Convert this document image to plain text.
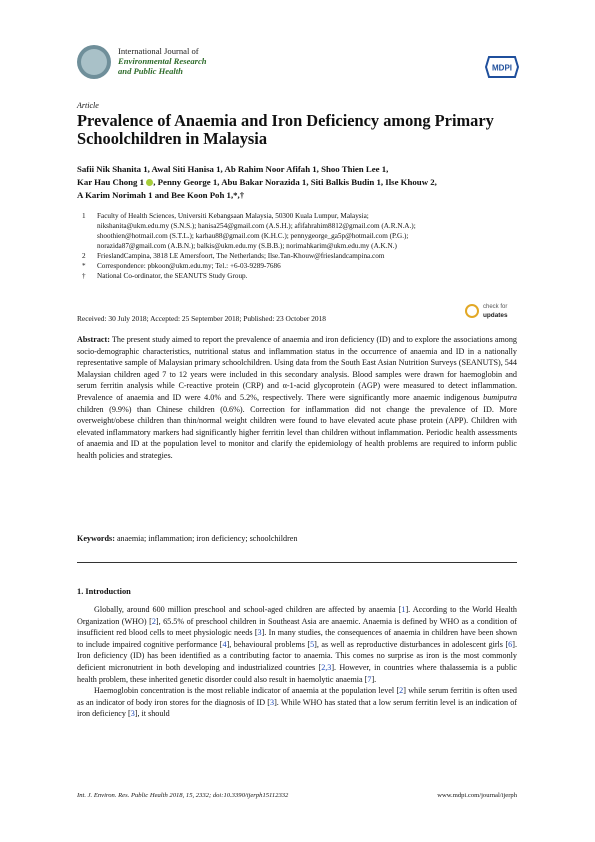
International Journal of
Environmental Research
and Public Health	MDPI
Article
Prevalence of Anaemia and Iron Deficiency among Primary Schoolchildren in Malaysia
Safii Nik Shanita 1, Awal Siti Hanisa 1, Ab Rahim Noor Afifah 1, Shoo Thien Lee 1,
Kar Hau Chong 1 , Penny George 1, Abu Bakar Norazida 1, Siti Balkis Budin 1, Ilse Khouw 2,
A Karim Norimah 1 and Bee Koon Poh 1,*,†
1	Faculty of Health Sciences, Universiti Kebangsaan Malaysia, 50300 Kuala Lumpur, Malaysia;
nikshanita@ukm.edu.my (S.N.S.); hanisa254@gmail.com (A.S.H.); afifahrahim8812@gmail.com (A.R.N.A.);
shoothien@hotmail.com (S.T.L.); karhau88@gmail.com (K.H.C.); pennygeorge_ga5p@hotmail.com (P.G.);
norazida87@gmail.com (A.B.N.); balkis@ukm.edu.my (S.B.B.); norimahkarim@ukm.edu.my (A.K.N.)
2	FrieslandCampina, 3818 LE Amersfoort, The Netherlands; Ilse.Tan-Khouw@frieslandcampina.com
*	Correspondence: pbkoon@ukm.edu.my; Tel.: +6-03-9289-7686
†	National Co-ordinator, the SEANUTS Study Group.
check for
updates
Received: 30 July 2018; Accepted: 25 September 2018; Published: 23 October 2018
Abstract: The present study aimed to report the prevalence of anaemia and iron deficiency (ID) and to explore the associations among socio-demographic characteristics, nutritional status and inflammation status in the occurrence of anaemia and ID in a nationally representative sample of Malaysian primary schoolchildren. Using data from the South East Asian Nutrition Surveys (SEANUTS), 544 Malaysian children aged 7 to 12 years were included in this secondary analysis. Blood samples were drawn for haemoglobin and serum ferritin analysis while C-reactive protein (CRP) and α-1-acid glycoprotein (AGP) were measured to detect inflammation. Prevalence of anaemia and ID were 4.0% and 5.2%, respectively. There were significantly more anaemic indigenous bumiputra children (9.9%) than Chinese children (0.6%). Correction for inflammation did not change the prevalence of ID. More overweight/obese children than thin/normal weight children were found to have elevated acute phase protein (APP). Children with elevated inflammatory markers had significantly higher ferritin level than children without inflammation. Periodic health assessments of anaemia and ID at the population level to monitor and clarify the epidemiology of health problems are required to inform public health policies and strategies.
Keywords: anaemia; inflammation; iron deficiency; schoolchildren
1. Introduction

Globally, around 600 million preschool and school-aged children are affected by anaemia [1]. According to the World Health Organization (WHO) [2], 65.5% of preschool children in Southeast Asia are anaemic. Anaemia is defined by WHO as a condition of insufficient red blood cells to meet physiologic needs [3]. In many studies, the consequences of anaemia in children have been shown to include impaired cognitive performance [4], behavioural problems [5], as well as reproductive disturbances in adolescent girls [6]. Iron deficiency (ID) has been identified as a contributing factor to anaemia. This comes no surprise as iron is the most commonly deficient micronutrient in both developing and industrialized countries [2,3]. However, in countries where thalassemia is a public health problem, these inherited genetic disorder could also result in haemolytic anaemia [7].

Haemoglobin concentration is the most reliable indicator of anaemia at the population level [2] while serum ferritin is often used as an indicator of body iron stores for the diagnosis of ID [3]. While WHO has stated that a low serum ferritin level is an indication of iron deficiency [3], it should

Int. J. Environ. Res. Public Health 2018, 15, 2332; doi:10.3390/ijerph15112332	www.mdpi.com/journal/ijerph
